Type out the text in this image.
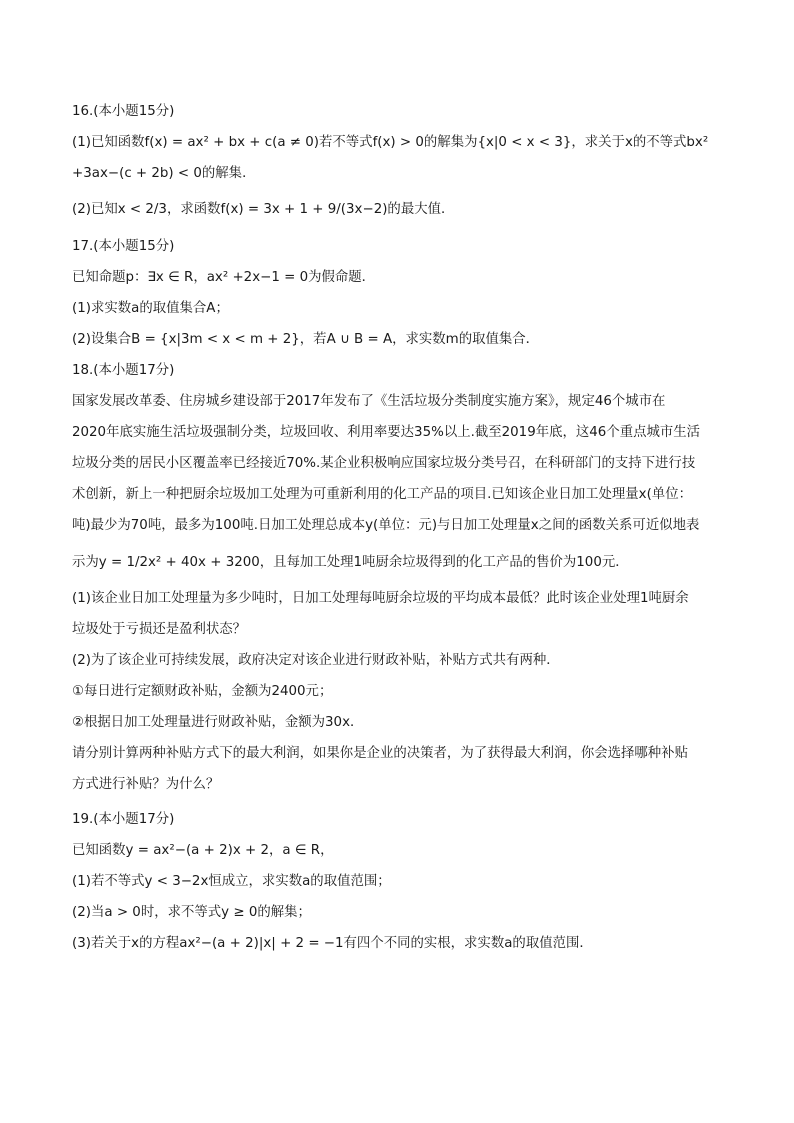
16.(本小题15分)
(1)已知函数f(x) = ax² + bx + c(a ≠ 0)若不等式f(x) > 0的解集为{x|0 < x < 3}，求关于x的不等式bx²
+3ax−(c + 2b) < 0的解集．
(2)已知x < 2/3，求函数f(x) = 3x + 1 + 9/(3x−2)的最大值．
17.(本小题15分)
已知命题p：∃x ∈ R，ax² +2x−1 = 0为假命题．
(1)求实数a的取值集合A；
(2)设集合B = {x|3m < x < m + 2}，若A ∪ B = A，求实数m的取值集合．
18.(本小题17分)
国家发展改革委、住房城乡建设部于2017年发布了《生活垃圾分类制度实施方案》，规定46个城市在
2020年底实施生活垃圾强制分类，垃圾回收、利用率要达35%以上.截至2019年底，这46个重点城市生活
垃圾分类的居民小区覆盖率已经接近70%.某企业积极响应国家垃圾分类号召，在科研部门的支持下进行技
术创新，新上一种把厨余垃圾加工处理为可重新利用的化工产品的项目.已知该企业日加工处理量x(单位：
吨)最少为70吨，最多为100吨.日加工处理总成本y(单位：元)与日加工处理量x之间的函数关系可近似地表
示为y = 1/2x² + 40x + 3200，且每加工处理1吨厨余垃圾得到的化工产品的售价为100元．
(1)该企业日加工处理量为多少吨时，日加工处理每吨厨余垃圾的平均成本最低？此时该企业处理1吨厨余
垃圾处于亏损还是盈利状态？
(2)为了该企业可持续发展，政府决定对该企业进行财政补贴，补贴方式共有两种．
①每日进行定额财政补贴，金额为2400元；
②根据日加工处理量进行财政补贴，金额为30x．
请分别计算两种补贴方式下的最大利润，如果你是企业的决策者，为了获得最大利润，你会选择哪种补贴
方式进行补贴？为什么？
19.(本小题17分)
已知函数y = ax²−(a + 2)x + 2，a ∈ R，
(1)若不等式y < 3−2x恒成立，求实数a的取值范围；
(2)当a > 0时，求不等式y ≥ 0的解集；
(3)若关于x的方程ax²−(a + 2)|x| + 2 = −1有四个不同的实根，求实数a的取值范围．
